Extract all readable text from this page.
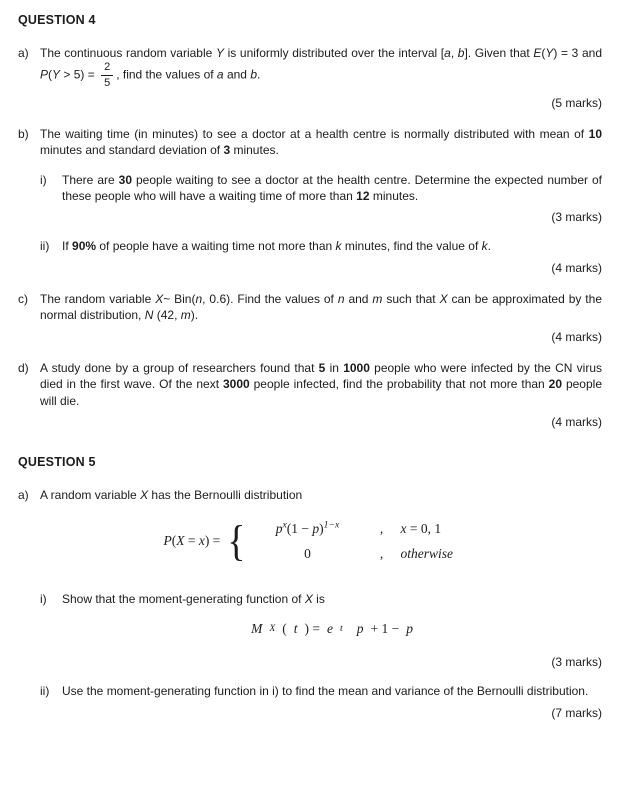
QUESTION 4
a) The continuous random variable Y is uniformly distributed over the interval [a, b]. Given that E(Y) = 3 and $P(Y > 5) = \frac{2}{5}$ , find the values of a and b.

(5 marks)
b) The waiting time (in minutes) to see a doctor at a health centre is normally distributed with mean of 10 minutes and standard deviation of 3 minutes.

i)	There are 30 people waiting to see a doctor at the health centre. Determine the expected number of these people who will have a waiting time of more than 12 minutes.

(3 marks)
ii)	If 90% of people have a waiting time not more than k minutes, find the value of k.

(4 marks)
c)	The random variable X~ Bin(n, 0.6). Find the values of n and m such that X can be approximated by the normal distribution, N (42, m).

(4 marks)
d) A study done by a group of researchers found that 5 in 1000 people who were infected by the CN virus died in the first wave. Of the next 3000 people infected, find the probability that not more than 20 people will die.

(4 marks)
QUESTION 5
a) A random variable X has the Bernoulli distribution

P(X = x) = {	$p^x(1 - p)^{1-x}$	,	x = 0, 1
0	,	otherwise
i)	Show that the moment-generating function of X is

M X ( t ) = e t p + 1 − p
(3 marks)
ii)	Use the moment-generating function in i) to find the mean and variance of the Bernoulli distribution.

(7 marks)
